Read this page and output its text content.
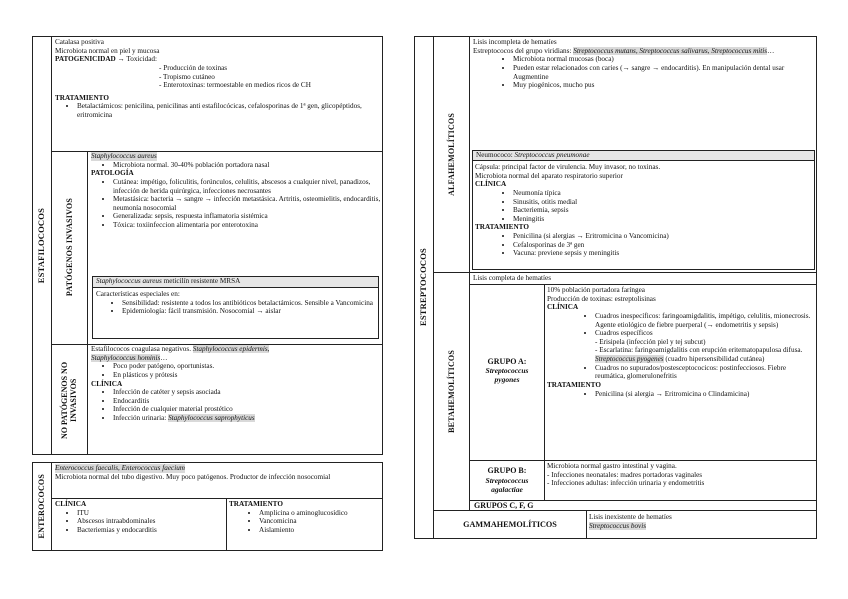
ESTAFILOCOCOS
Catalasa positiva
Microbiota normal en piel y mucosa
PATOGENICIDAD → Toxicidad:
- Producción de toxinas
- Tropismo cutáneo
- Enterotoxinas: termoestable en medios ricos de CH
TRATAMIENTO
• Betalactámicos: penicilina, penicilinas anti estafilocócicas, cefalosporinas de 1ª gen, glicopéptidos, eritromicina
PATÓGENOS INVASIVOS
Staphylococcus aureus
• Microbiota normal. 30-40% población portadora nasal
PATOLOGÍA
• Cutánea: impétigo, foliculitis, forúnculos, celulitis, abscesos a cualquier nivel, panadizos, infección de herida quirúrgica, infecciones necrosantes
• Metastásica: bacteria → sangre → infección metastásica. Artritis, osteomielitis, endocarditis, neumonía nosocomial
• Generalizada: sepsis, respuesta inflamatoria sistémica
• Tóxica: toxiinfeccion alimentaria por enterotoxina
Staphylococcus aureus meticilín resistente MRSA
Características especiales en:
• Sensibilidad: resistente a todos los antibióticos betalactámicos. Sensible a Vancomicina
• Epidemiología: fácil transmisión. Nosocomial → aislar
NO PATÓGENOS NO INVASIVOS
Estafilococos coagulasa negativos. Staphylococcus epidermis,
Staphylococcus hominis…
• Poco poder patógeno, oportunistas.
• En plásticos y prótesis
CLÍNICA
• Infección de catéter y sepsis asociada
• Endocarditis
• Infección de cualquier material prostético
• Infección urinaria: Staphylococcus saprophyticus
ENTEROCOCOS
Enterococcus faecalis, Enterococcus faecium
Microbiota normal del tubo digestivo. Muy poco patógenos. Productor de infección nosocomial
CLÍNICA
• ITU
• Abscesos intraabdominales
• Bacteriemias y endocarditis
TRATAMIENTO
• Amplicina o aminoglucosídico
• Vancomicina
• Aislamiento
ESTREPTOCOCOS
ALFAHEMOLÍTICOS
Lisis incompleta de hematíes
Estreptococos del grupo viridians: Streptococcus mutans, Streptococcus salivarus, Streptococcus mitis…
• Microbiota normal mucosas (boca)
• Pueden estar relacionados con caries (→ sangre → endocarditis). En manipulación dental usar Augmentine
• Muy piogénicos, mucho pus
Neumococo: Streptococcus pneumonae
Cápsula: principal factor de virulencia. Muy invasor, no toxinas.
Microbiota normal del aparato respiratorio superior
CLÍNICA
• Neumonía típica
• Sinusitis, otitis medial
• Bacteriemia, sepsis
• Meningitis
TRATAMIENTO
• Penicilina (si alergias → Eritromicina o Vancomicina)
• Cefalosporinas de 3ª gen
• Vacuna: previene sepsis y meningitis
BETAHEMOLÍTICOS
Lisis completa de hematíes
GRUPO A:
Streptococcus pygones
10% población portadora faríngea
Producción de toxinas: estreptolisinas
CLÍNICA
• Cuadros inespecíficos: faringoamigdalitis, impétigo, celulitis, mionecrosis. Agente etiológico de fiebre puerperal (→ endometritis y sepsis)
• Cuadros específicos
- Erisipela (infección piel y tej subcut)
- Escarlatina: faringoamigdalitis con erupción eritematopapulosa difusa. Streptococcus pyogenes (cuadro hipersensibilidad cutánea)
• Cuadros no supurados/postesceptococicos: postinfecciosos. Fiebre reumática, glomerulonefritis
TRATAMIENTO
• Penicilina (si alergia → Eritromicina o Clindamicina)
GRUPO B:
Streptococcus agalactiae
Microbiota normal gastro intestinal y vagina.
- Infecciones neonatales: madres portadoras vaginales
- Infecciones adultas: infección urinaria y endometritis
GRUPOS C, F, G
GAMMAHEMOLÍTICOS
Lisis inexistente de hematíes
Streptococcus bovis
